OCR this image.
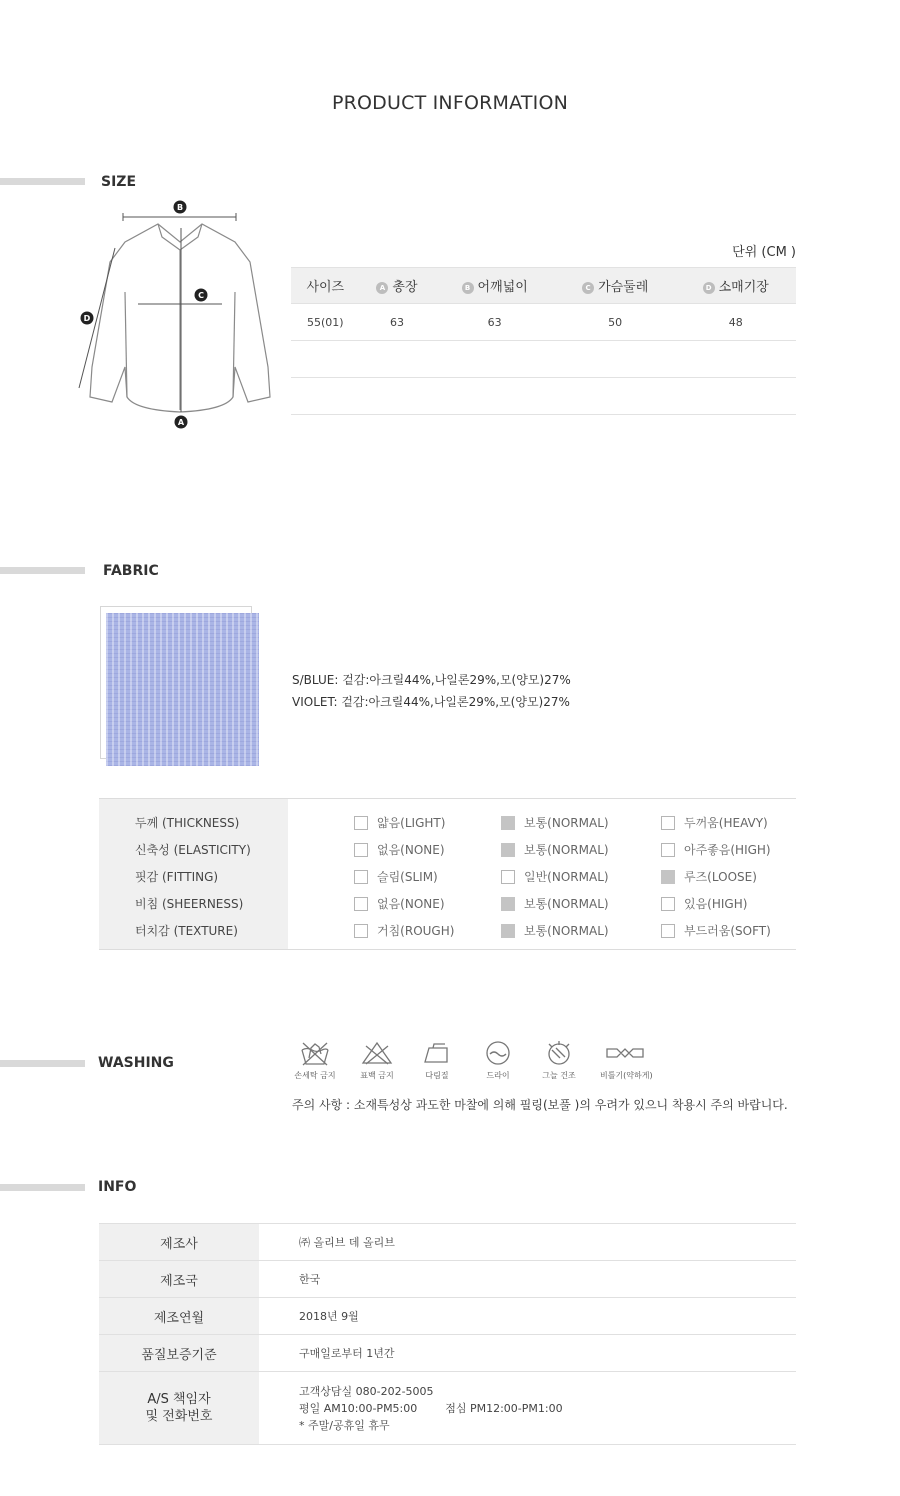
PRODUCT INFORMATION
SIZE
B
C
D
A
단위 (CM )
사이즈	A 총장	B 어깨넓이	C 가슴둘레	D 소매기장
55(01)	63	63	50	48

FABRIC
S/BLUE: 겉감:아크릴44%,나일론29%,모(양모)27%
VIOLET: 겉감:아크릴44%,나일론29%,모(양모)27%
두께 (THICKNESS)	얇음(LIGHT)	보통(NORMAL)	두꺼움(HEAVY)
신축성 (ELASTICITY)	없음(NONE)	보통(NORMAL)	아주좋음(HIGH)
핏감 (FITTING)	슬림(SLIM)	일반(NORMAL)	루즈(LOOSE)
비침 (SHEERNESS)	없음(NONE)	보통(NORMAL)	있음(HIGH)
터치감 (TEXTURE)	거침(ROUGH)	보통(NORMAL)	부드러움(SOFT)
WASHING
손세탁 금지	표백 금지	다림질	드라이	그늘 건조	비틀기(약하게)
주의 사항 : 소재특성상 과도한 마찰에 의해 필링(보풀 )의 우려가 있으니 착용시 주의 바랍니다.
INFO
제조사	㈜ 올리브 데 올리브
제조국	한국
제조연월	2018년 9월
품질보증기준	구매일로부터 1년간

A/S 책임자
및 전화번호	고객상담실 080-202-5005
평일 AM10:00-PM5:00        점심 PM12:00-PM1:00
* 주말/공휴일 휴무
